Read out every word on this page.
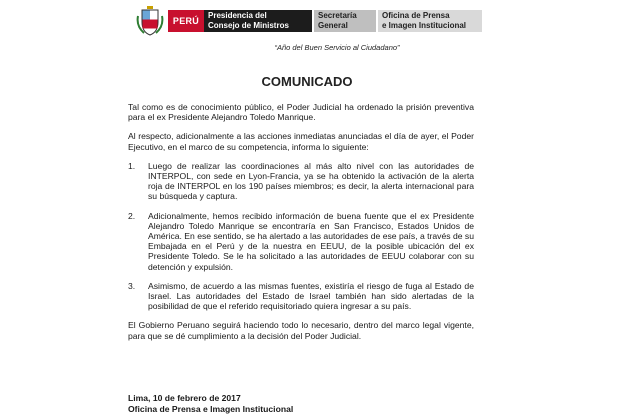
PERÚ
Presidencia del
Consejo de Ministros
Secretaría
General
Oficina de Prensa
e Imagen Institucional
“Año del Buen Servicio al Ciudadano”
COMUNICADO

Tal como es de conocimiento público, el Poder Judicial ha ordenado la prisión preventiva para el ex Presidente Alejandro Toledo Manrique.

Al respecto, adicionalmente a las acciones inmediatas anunciadas el día de ayer, el Poder Ejecutivo, en el marco de su competencia, informa lo siguiente:

1.	Luego de realizar las coordinaciones al más alto nivel con las autoridades de INTERPOL, con sede en Lyon-Francia, ya se ha obtenido la activación de la alerta roja de INTERPOL en los 190 países miembros; es decir, la alerta internacional para su búsqueda y captura.
2.	Adicionalmente, hemos recibido información de buena fuente que el ex Presidente Alejandro Toledo Manrique se encontraría en San Francisco, Estados Unidos de América. En ese sentido, se ha alertado a las autoridades de ese país, a través de su Embajada en el Perú y de la nuestra en EEUU, de la posible ubicación del ex Presidente Toledo. Se le ha solicitado a las autoridades de EEUU colaborar con su detención y expulsión.
3.	Asimismo, de acuerdo a las mismas fuentes, existiría el riesgo de fuga al Estado de Israel. Las autoridades del Estado de Israel también han sido alertadas de la posibilidad de que el referido requisitoriado quiera ingresar a su país.

El Gobierno Peruano seguirá haciendo todo lo necesario, dentro del marco legal vigente, para que se dé cumplimiento a la decisión del Poder Judicial.

Lima, 10 de febrero de 2017
Oficina de Prensa e Imagen Institucional
